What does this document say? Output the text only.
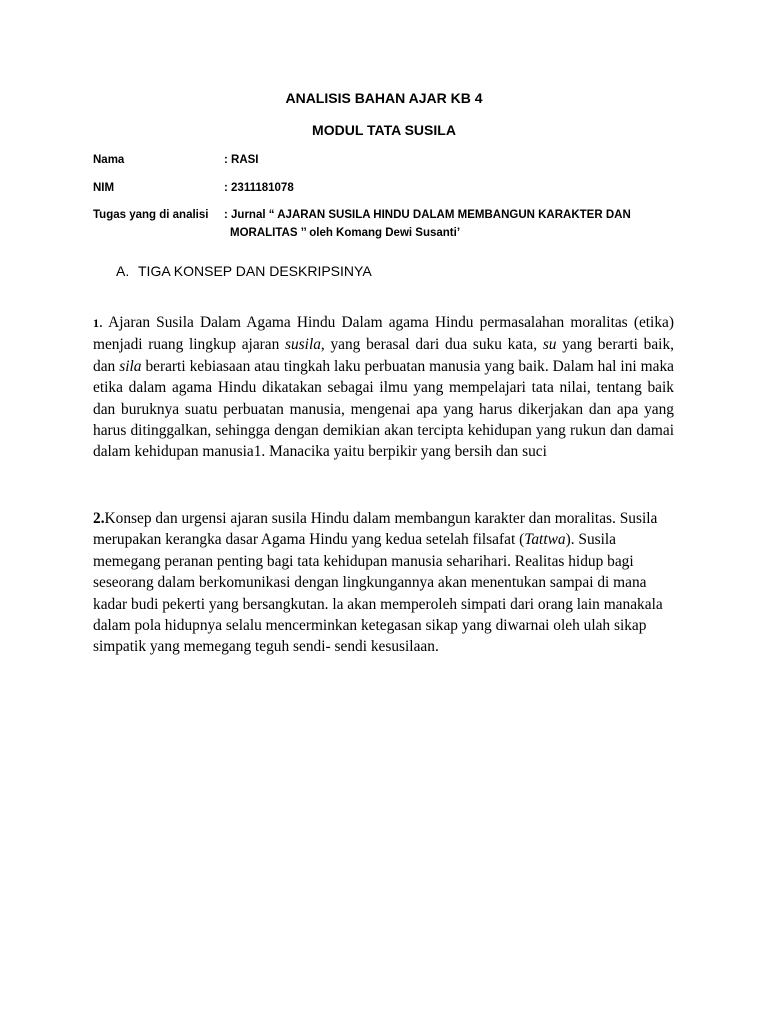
ANALISIS BAHAN AJAR KB 4
MODUL TATA SUSILA
Nama	: RASI
NIM	: 2311181078
Tugas yang di analisi : Jurnal “ AJARAN SUSILA HINDU DALAM MEMBANGUN KARAKTER DAN
MORALITAS ’’ oleh Komang Dewi Susanti’
A. TIGA KONSEP DAN DESKRIPSINYA
1. Ajaran Susila Dalam Agama Hindu Dalam agama Hindu permasalahan moralitas (etika) menjadi ruang lingkup ajaran susila, yang berasal dari dua suku kata, su yang berarti baik, dan sila berarti kebiasaan atau tingkah laku perbuatan manusia yang baik. Dalam hal ini maka etika dalam agama Hindu dikatakan sebagai ilmu yang mempelajari tata nilai, tentang baik dan buruknya suatu perbuatan manusia, mengenai apa yang harus dikerjakan dan apa yang harus ditinggalkan, sehingga dengan demikian akan tercipta kehidupan yang rukun dan damai dalam kehidupan manusia1. Manacika yaitu berpikir yang bersih dan suci
2.Konsep dan urgensi ajaran susila Hindu dalam membangun karakter dan moralitas. Susila merupakan kerangka dasar Agama Hindu yang kedua setelah filsafat (Tattwa). Susila memegang peranan penting bagi tata kehidupan manusia seharihari. Realitas hidup bagi seseorang dalam berkomunikasi dengan lingkungannya akan menentukan sampai di mana kadar budi pekerti yang bersangkutan. la akan memperoleh simpati dari orang lain manakala dalam pola hidupnya selalu mencerminkan ketegasan sikap yang diwarnai oleh ulah sikap simpatik yang memegang teguh sendi- sendi kesusilaan.
